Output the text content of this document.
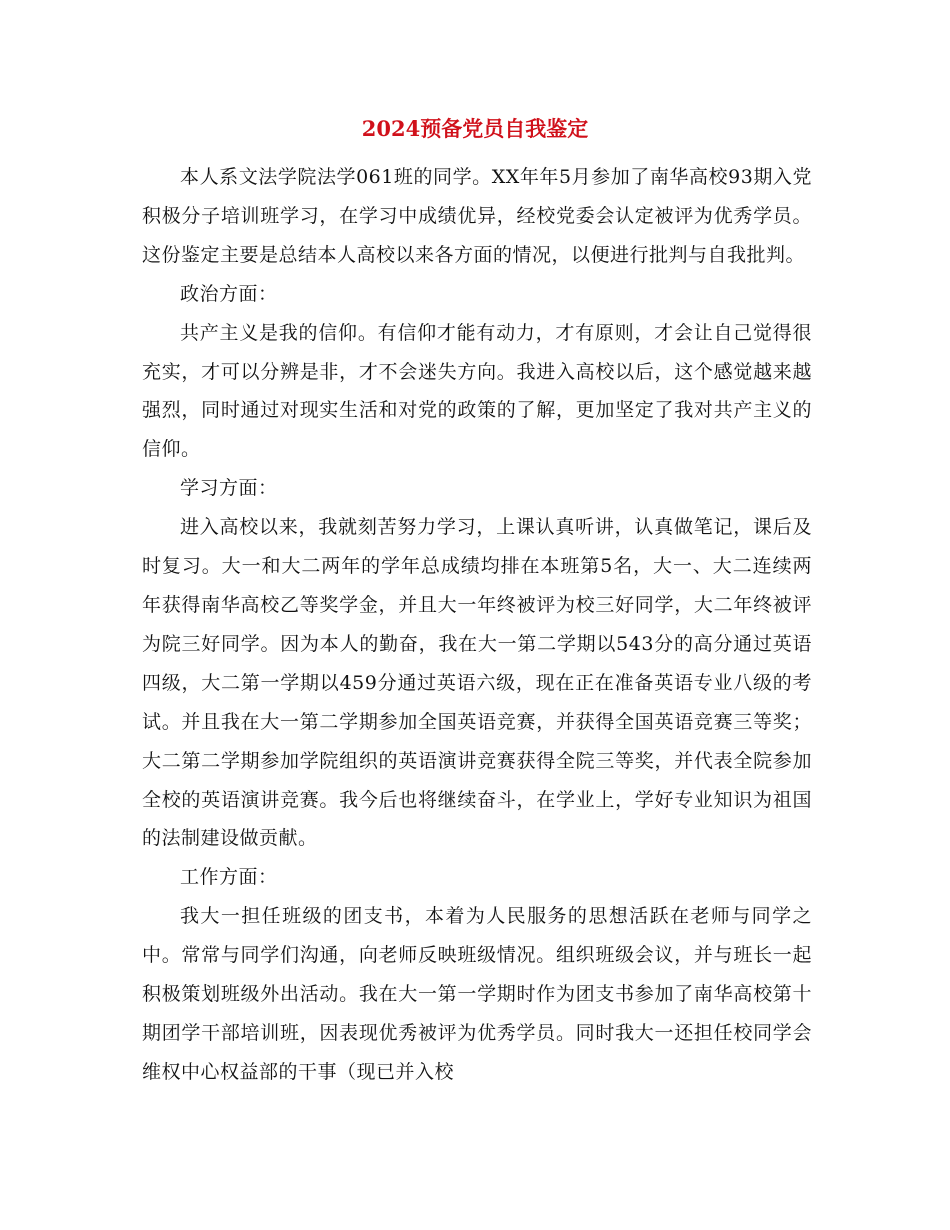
2024预备党员自我鉴定

本人系文法学院法学061班的同学。XX年年5月参加了南华高校93期入党积极分子培训班学习，在学习中成绩优异，经校党委会认定被评为优秀学员。这份鉴定主要是总结本人高校以来各方面的情况，以便进行批判与自我批判。

政治方面：

共产主义是我的信仰。有信仰才能有动力，才有原则，才会让自己觉得很充实，才可以分辨是非，才不会迷失方向。我进入高校以后，这个感觉越来越强烈，同时通过对现实生活和对党的政策的了解，更加坚定了我对共产主义的信仰。

学习方面：

进入高校以来，我就刻苦努力学习，上课认真听讲，认真做笔记，课后及时复习。大一和大二两年的学年总成绩均排在本班第5名，大一、大二连续两年获得南华高校乙等奖学金，并且大一年终被评为校三好同学，大二年终被评为院三好同学。因为本人的勤奋，我在大一第二学期以543分的高分通过英语四级，大二第一学期以459分通过英语六级，现在正在准备英语专业八级的考试。并且我在大一第二学期参加全国英语竞赛，并获得全国英语竞赛三等奖；大二第二学期参加学院组织的英语演讲竞赛获得全院三等奖，并代表全院参加全校的英语演讲竞赛。我今后也将继续奋斗，在学业上，学好专业知识为祖国的法制建设做贡献。

工作方面：

我大一担任班级的团支书，本着为人民服务的思想活跃在老师与同学之中。常常与同学们沟通，向老师反映班级情况。组织班级会议，并与班长一起积极策划班级外出活动。我在大一第一学期时作为团支书参加了南华高校第十期团学干部培训班，因表现优秀被评为优秀学员。同时我大一还担任校同学会维权中心权益部的干事（现已并入校
